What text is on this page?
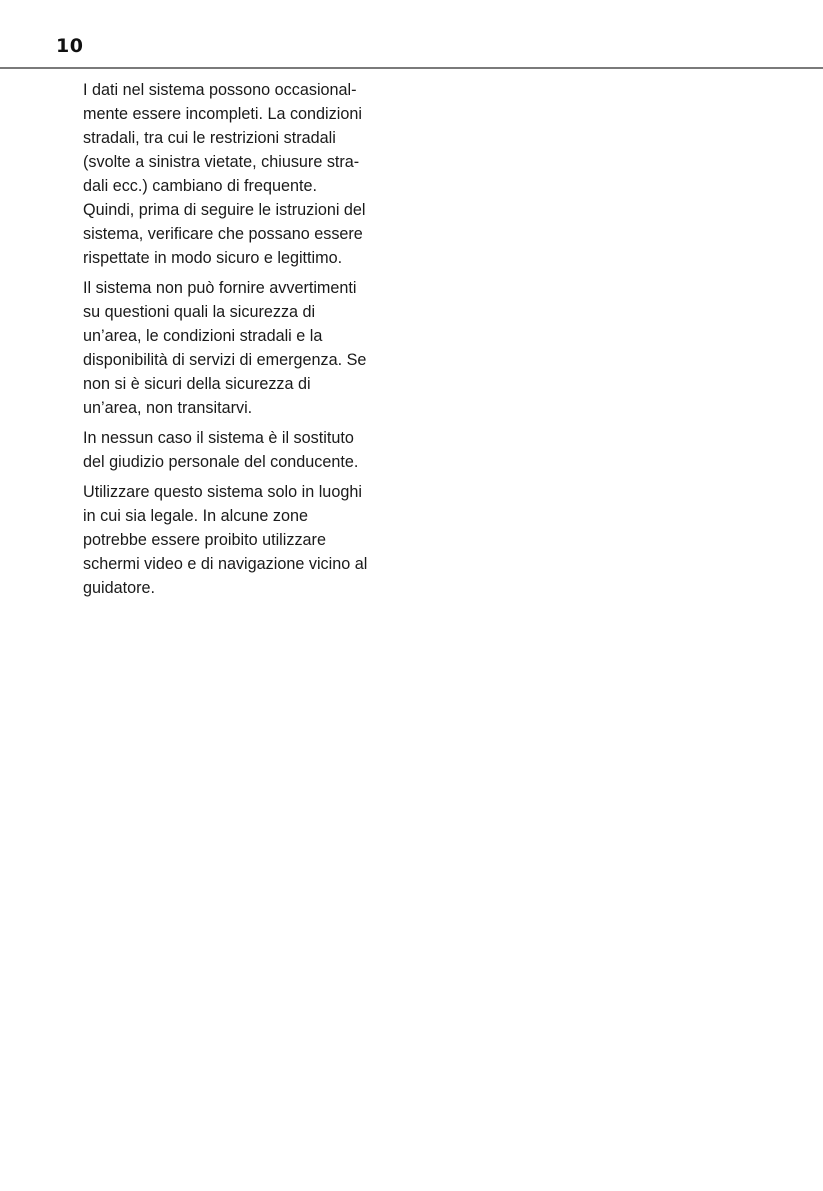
10

I dati nel sistema possono occasional-
mente essere incompleti. La condizioni
stradali, tra cui le restrizioni stradali
(svolte a sinistra vietate, chiusure stra-
dali ecc.) cambiano di frequente.
Quindi, prima di seguire le istruzioni del
sistema, verificare che possano essere
rispettate in modo sicuro e legittimo.

Il sistema non può fornire avvertimenti
su questioni quali la sicurezza di
un’area, le condizioni stradali e la
disponibilità di servizi di emergenza. Se
non si è sicuri della sicurezza di
un’area, non transitarvi.

In nessun caso il sistema è il sostituto
del giudizio personale del conducente.

Utilizzare questo sistema solo in luoghi
in cui sia legale. In alcune zone
potrebbe essere proibito utilizzare
schermi video e di navigazione vicino al
guidatore.
